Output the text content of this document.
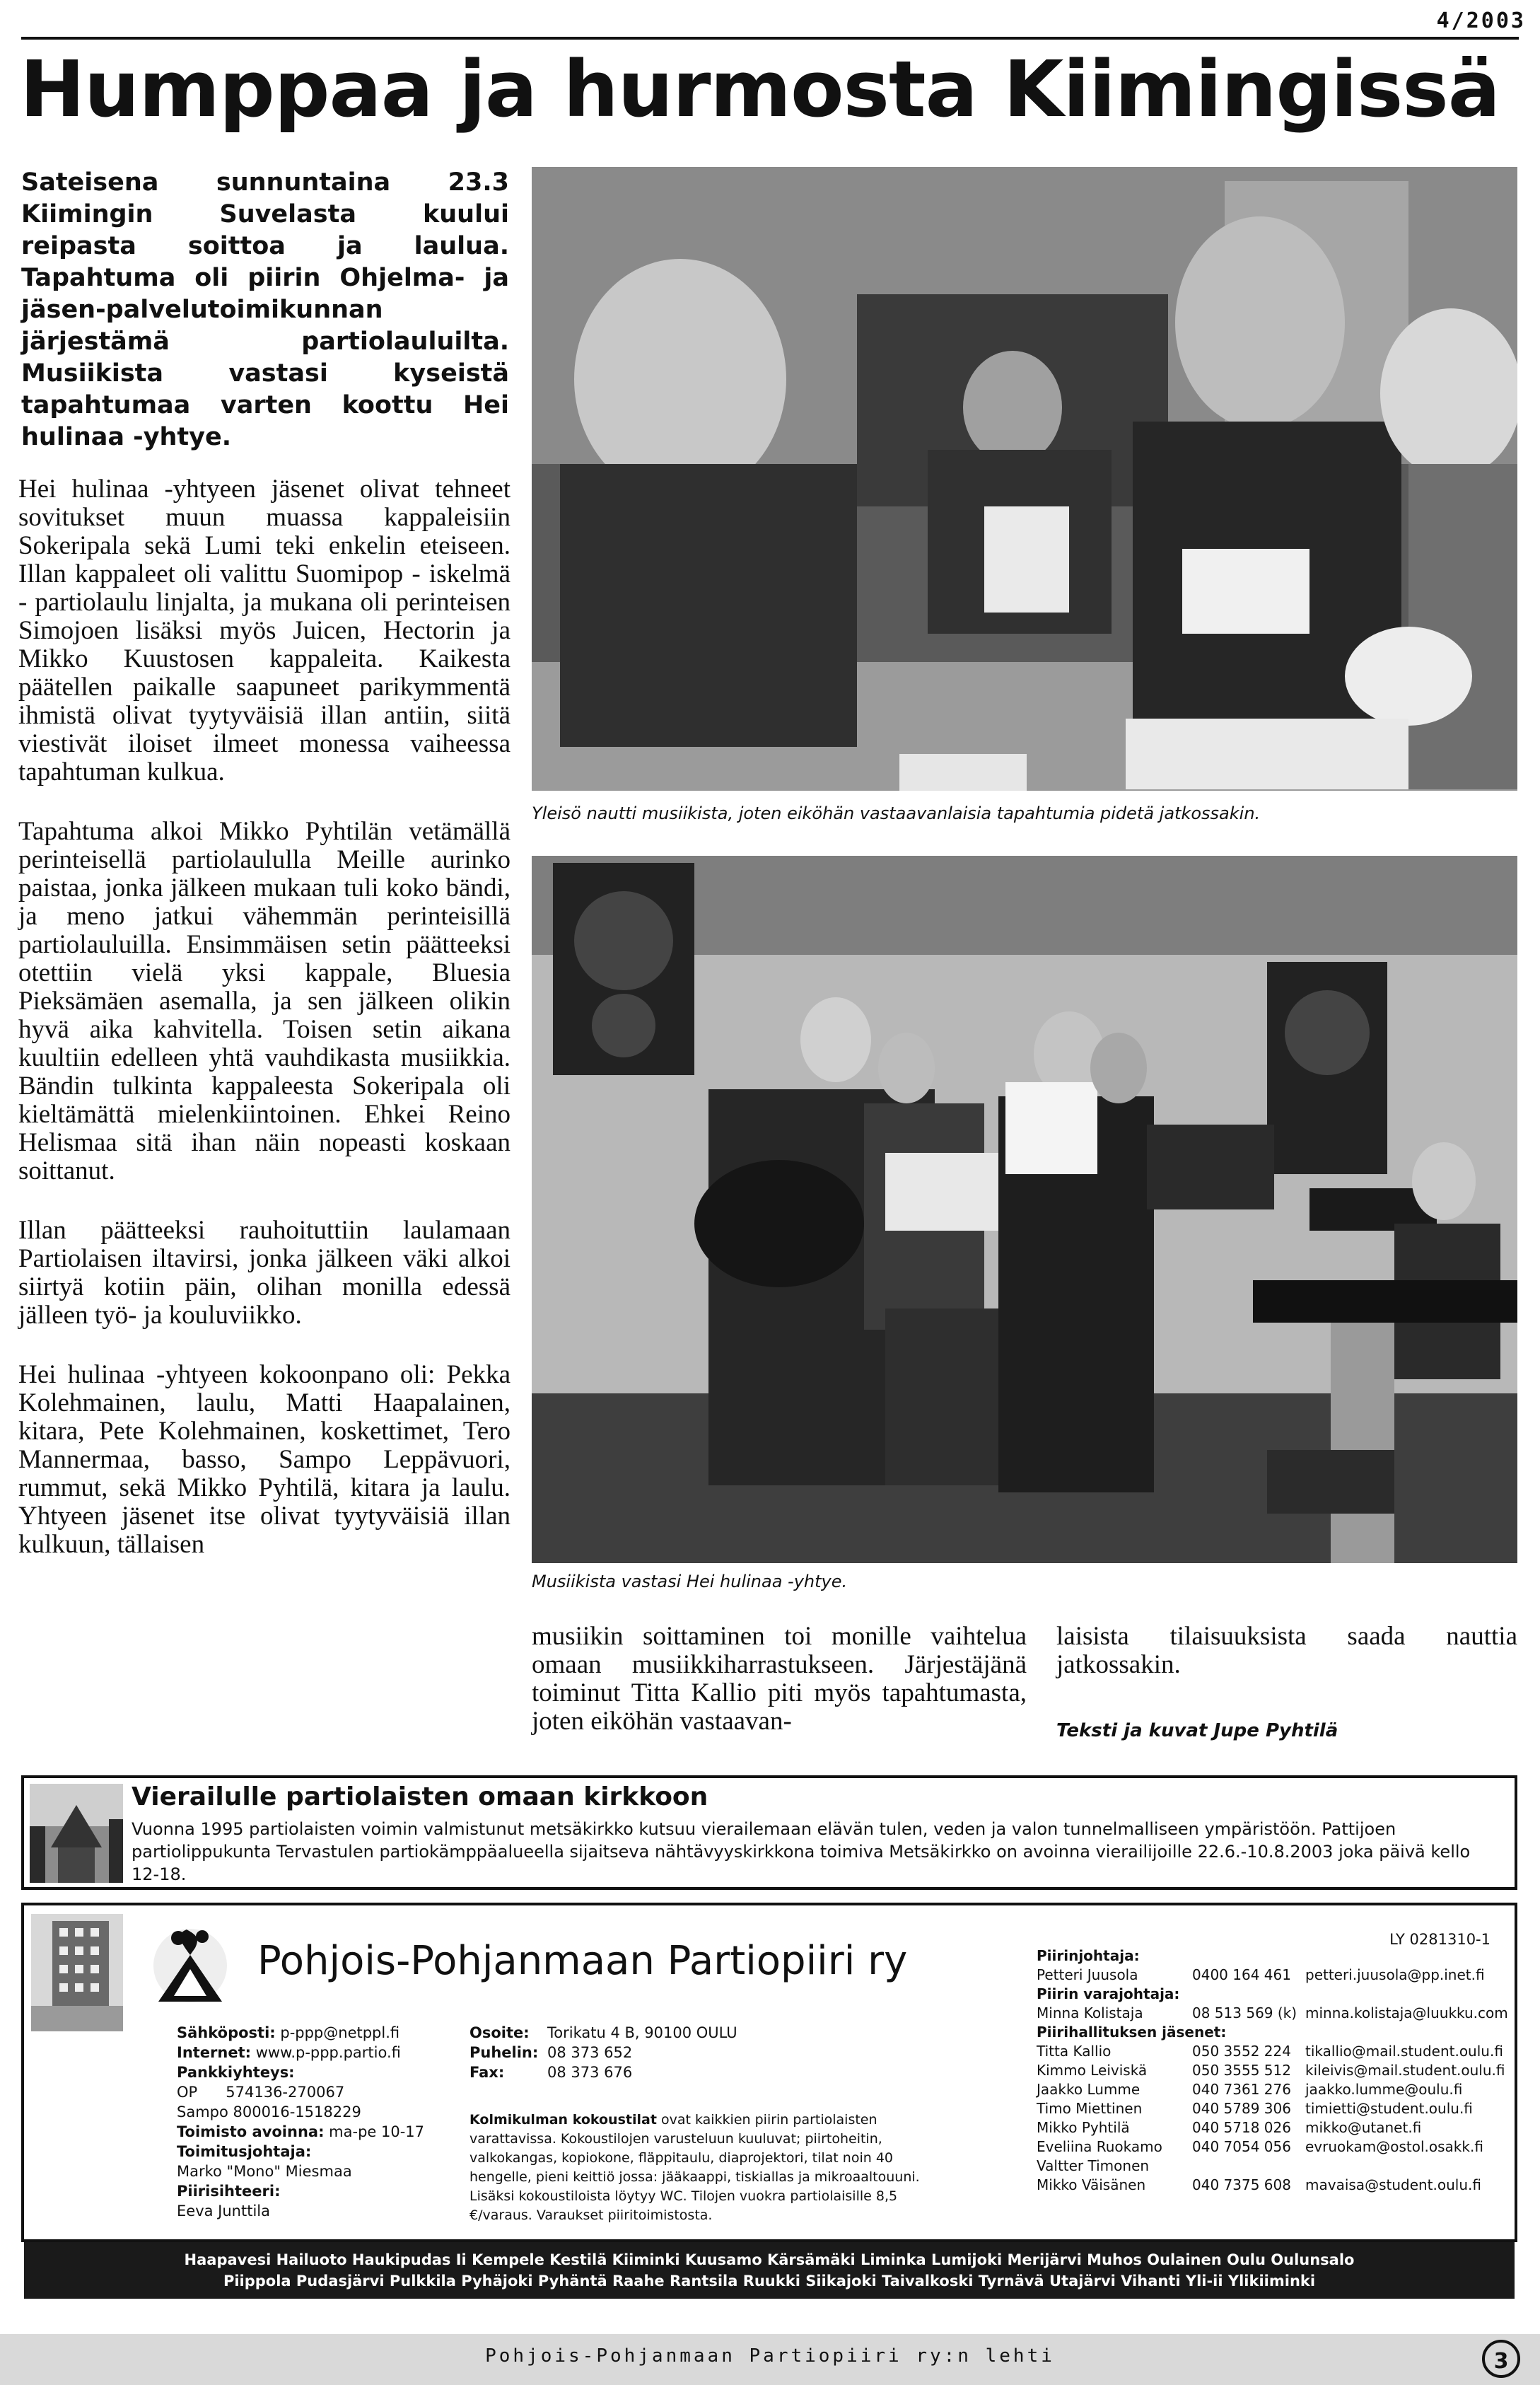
4/2003
Humppaa ja hurmosta Kiimingissä
Sateisena sunnuntaina 23.3 Kiimingin Suvelasta kuului reipasta soittoa ja laulua. Tapahtuma oli piirin Ohjelma- ja jäsen-palvelutoimikunnan järjestämä partiolauluilta. Musiikista vastasi kyseistä tapahtumaa varten koottu Hei hulinaa -yhtye.

Hei hulinaa -yhtyeen jäsenet olivat tehneet sovitukset muun muassa kappaleisiin Sokeripala sekä Lumi teki enkelin eteiseen. Illan kappaleet oli valittu Suomipop - iskelmä - partiolaulu linjalta, ja mukana oli perinteisen Simojoen lisäksi myös Juicen, Hectorin ja Mikko Kuustosen kappaleita. Kaikesta päätellen paikalle saapuneet parikymmentä ihmistä olivat tyytyväisiä illan antiin, siitä viestivät iloiset ilmeet monessa vaiheessa tapahtuman kulkua.

Tapahtuma alkoi Mikko Pyhtilän vetämällä perinteisellä partiolaululla Meille aurinko paistaa, jonka jälkeen mukaan tuli koko bändi, ja meno jatkui vähemmän perinteisillä partiolauluilla. Ensimmäisen setin päätteeksi otettiin vielä yksi kappale, Bluesia Pieksämäen asemalla, ja sen jälkeen olikin hyvä aika kahvitella. Toisen setin aikana kuultiin edelleen yhtä vauhdikasta musiikkia. Bändin tulkinta kappaleesta Sokeripala oli kieltämättä mielenkiintoinen. Ehkei Reino Helismaa sitä ihan näin nopeasti koskaan soittanut.

Illan päätteeksi rauhoituttiin laulamaan Partiolaisen iltavirsi, jonka jälkeen väki alkoi siirtyä kotiin päin, olihan monilla edessä jälleen työ- ja kouluviikko.

Hei hulinaa -yhtyeen kokoonpano oli: Pekka Kolehmainen, laulu, Matti Haapalainen, kitara, Pete Kolehmainen, koskettimet, Tero Mannermaa, basso, Sampo Leppävuori, rummut, sekä Mikko Pyhtilä, kitara ja laulu. Yhtyeen jäsenet itse olivat tyytyväisiä illan kulkuun, tällaisen

Yleisö nautti musiikista, joten eiköhän vastaavanlaisia tapahtumia pidetä jatkossakin.
Musiikista vastasi Hei hulinaa -yhtye.
musiikin soittaminen toi monille vaihtelua omaan musiikkiharrastukseen. Järjestäjänä toiminut Titta Kallio piti myös tapahtumasta, joten eiköhän vastaavan-
laisista tilaisuuksista saada nauttia jatkossakin.
Teksti ja kuvat Jupe Pyhtilä
Vierailulle partiolaisten omaan kirkkoon
Vuonna 1995 partiolaisten voimin valmistunut metsäkirkko kutsuu vierailemaan elävän tulen, veden ja valon tunnelmalliseen ympäristöön. Pattijoen partiolippukunta Tervastulen partiokämppäalueella sijaitseva nähtävyyskirkkona toimiva Metsäkirkko on avoinna vierailijoille 22.6.-10.8.2003 joka päivä kello 12-18.
Pohjois-Pohjanmaan Partiopiiri ry
Sähköposti: p-ppp@netppl.fi
Internet: www.p-ppp.partio.fi
Pankkiyhteys:
OP 574136-270067
Sampo 800016-1518229
Toimisto avoinna: ma-pe 10-17
Toimitusjohtaja:
Marko "Mono" Miesmaa
Piirisihteeri:
Eeva Junttila
Osoite: Torikatu 4 B, 90100 OULU
Puhelin: 08 373 652
Fax:	08 373 676
Kolmikulman kokoustilat ovat kaikkien piirin partiolaisten
varattavissa. Kokoustilojen varusteluun kuuluvat; piirtoheitin,
valkokangas, kopiokone, fläppitaulu, diaprojektori, tilat noin 40
hengelle, pieni keittiö jossa: jääkaappi, tiskiallas ja mikroaaltouuni.
Lisäksi kokoustiloista löytyy WC. Tilojen vuokra partiolaisille 8,5
€/varaus. Varaukset piiritoimistosta.
LY 0281310-1
Piirinjohtaja:
Petteri Juusola	0400 164 461 petteri.juusola@pp.inet.fi
Piirin varajohtaja:
Minna Kolistaja	08 513 569 (k) minna.kolistaja@luukku.com
Piirihallituksen jäsenet:
Titta Kallio	050 3552 224 tikallio@mail.student.oulu.fi
Kimmo Leiviskä	050 3555 512 kileivis@mail.student.oulu.fi
Jaakko Lumme	040 7361 276 jaakko.lumme@oulu.fi
Timo Miettinen	040 5789 306 timietti@student.oulu.fi
Mikko Pyhtilä	040 5718 026 mikko@utanet.fi
Eveliina Ruokamo 040 7054 056 evruokam@ostol.osakk.fi
Valtter Timonen
Mikko Väisänen	040 7375 608 mavaisa@student.oulu.fi
Haapavesi Hailuoto Haukipudas Ii Kempele Kestilä Kiiminki Kuusamo Kärsämäki Liminka Lumijoki Merijärvi Muhos Oulainen Oulu Oulunsalo
Piippola Pudasjärvi Pulkkila Pyhäjoki Pyhäntä Raahe Rantsila Ruukki Siikajoki Taivalkoski Tyrnävä Utajärvi Vihanti Yli-ii Ylikiiminki
Pohjois-Pohjanmaan Partiopiiri ry:n lehti	3
